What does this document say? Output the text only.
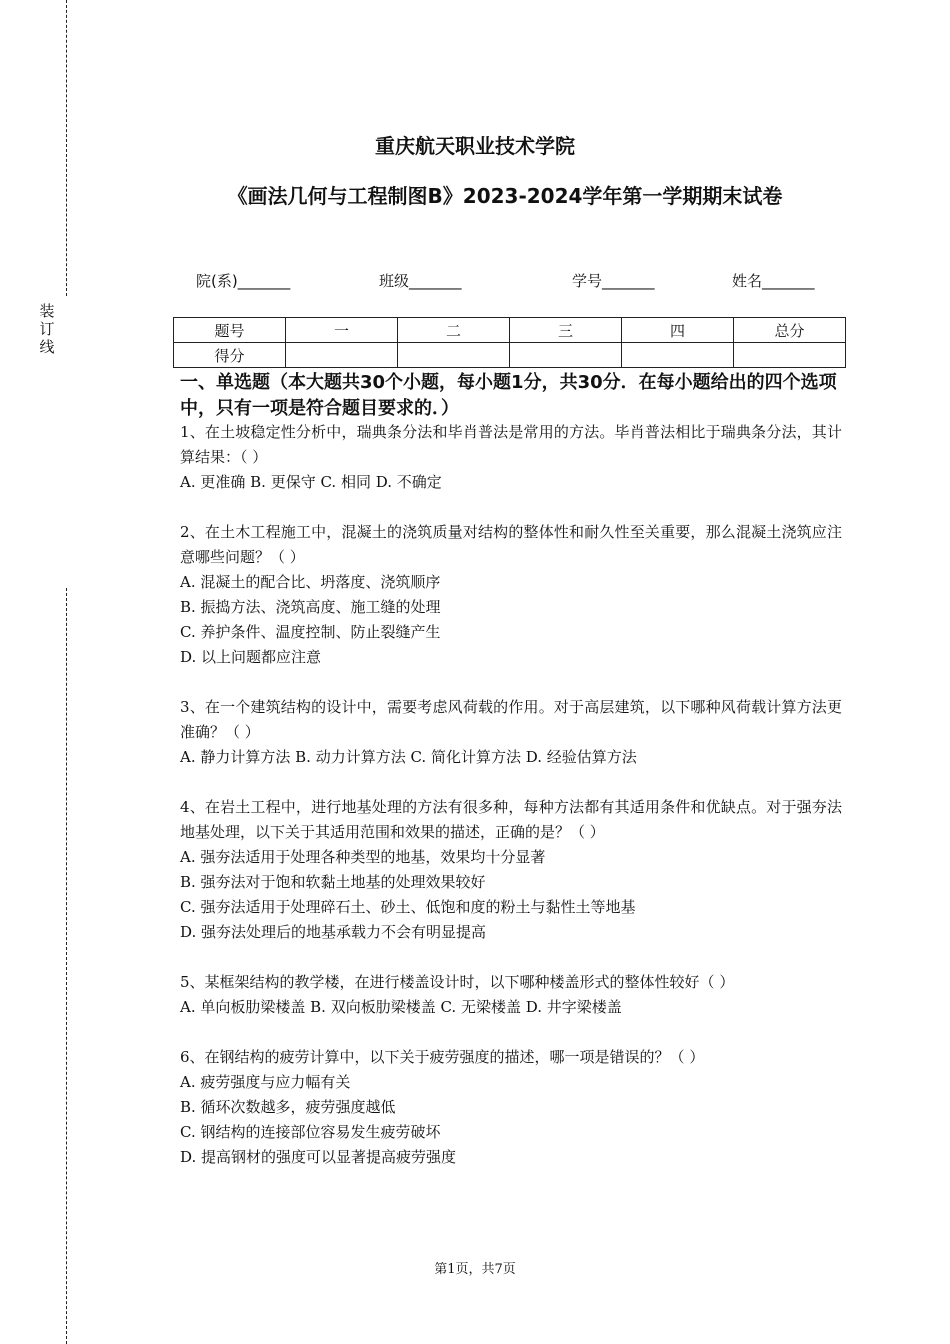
装
订
线
重庆航天职业技术学院
《画法几何与工程制图B》2023-2024学年第一学期期末试卷
院(系)_______	班级_______	学号_______	姓名_______
题号	一	二	三	四	总分
得分					
一、单选题（本大题共30个小题，每小题1分，共30分．在每小题给出的四个选项中，只有一项是符合题目要求的．）

1、在土坡稳定性分析中，瑞典条分法和毕肖普法是常用的方法。毕肖普法相比于瑞典条分法，其计算结果：（ ）

A. 更准确 B. 更保守 C. 相同 D. 不确定

2、在土木工程施工中，混凝土的浇筑质量对结构的整体性和耐久性至关重要，那么混凝土浇筑应注意哪些问题？（ ）

A. 混凝土的配合比、坍落度、浇筑顺序

B. 振捣方法、浇筑高度、施工缝的处理

C. 养护条件、温度控制、防止裂缝产生

D. 以上问题都应注意

3、在一个建筑结构的设计中，需要考虑风荷载的作用。对于高层建筑，以下哪种风荷载计算方法更准确？（ ）

A. 静力计算方法 B. 动力计算方法 C. 简化计算方法 D. 经验估算方法

4、在岩土工程中，进行地基处理的方法有很多种，每种方法都有其适用条件和优缺点。对于强夯法地基处理，以下关于其适用范围和效果的描述，正确的是？（ ）

A. 强夯法适用于处理各种类型的地基，效果均十分显著

B. 强夯法对于饱和软黏土地基的处理效果较好

C. 强夯法适用于处理碎石土、砂土、低饱和度的粉土与黏性土等地基

D. 强夯法处理后的地基承载力不会有明显提高

5、某框架结构的教学楼，在进行楼盖设计时，以下哪种楼盖形式的整体性较好（ ）

A. 单向板肋梁楼盖 B. 双向板肋梁楼盖 C. 无梁楼盖 D. 井字梁楼盖

6、在钢结构的疲劳计算中，以下关于疲劳强度的描述，哪一项是错误的？（ ）

A. 疲劳强度与应力幅有关

B. 循环次数越多，疲劳强度越低

C. 钢结构的连接部位容易发生疲劳破坏

D. 提高钢材的强度可以显著提高疲劳强度

第1页，共7页
